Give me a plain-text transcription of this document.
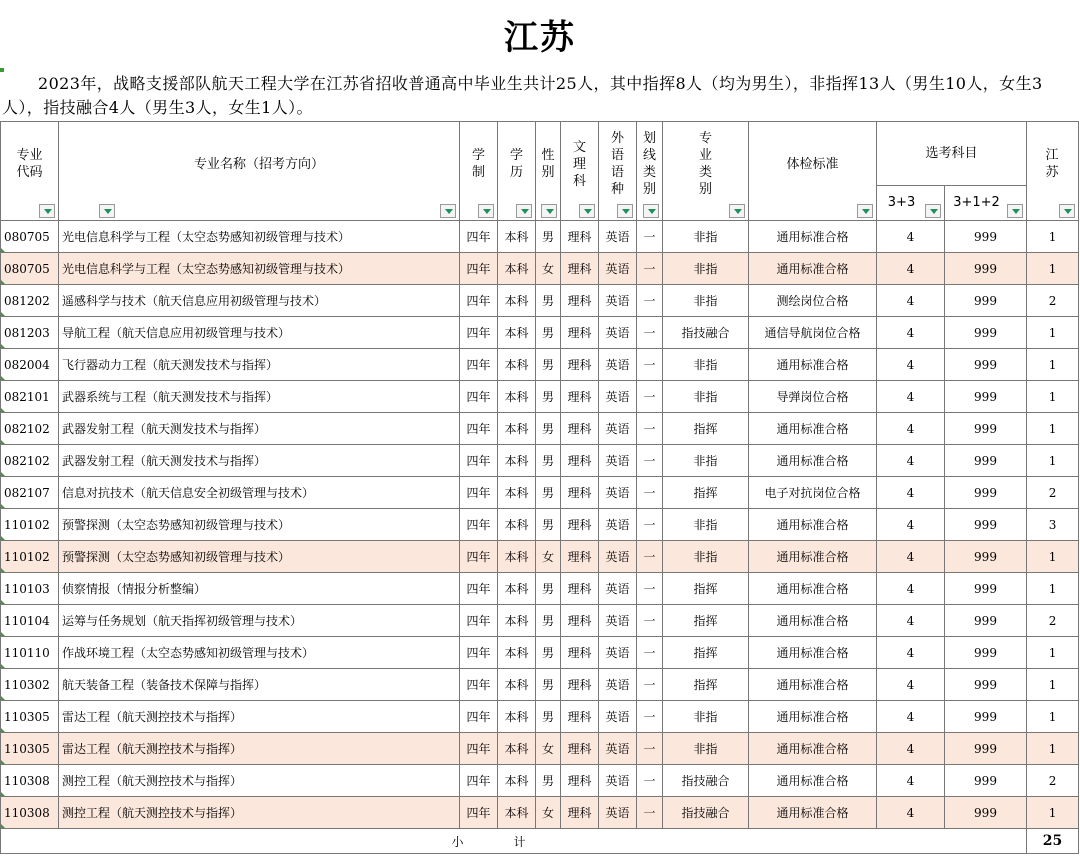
江苏
2023年，战略支援部队航天工程大学在江苏省招收普通高中毕业生共计25人，其中指挥8人（均为男生），非指挥13人（男生10人，女生3人），指技融合4人（男生3人，女生1人）。
专业代码	专业名称（招考方向）	学制	学历	性别	文理科	外语语种	划线类别	专业类别	体检标准	选考科目		江苏

										3+3	3+1+2	

080705	光电信息科学与工程（太空态势感知初级管理与技术）	四年	本科	男	理科	英语	一	非指	通用标准合格	4	999	1
080705	光电信息科学与工程（太空态势感知初级管理与技术）	四年	本科	女	理科	英语	一	非指	通用标准合格	4	999	1
081202	遥感科学与技术（航天信息应用初级管理与技术）	四年	本科	男	理科	英语	一	非指	测绘岗位合格	4	999	2
081203	导航工程（航天信息应用初级管理与技术）	四年	本科	男	理科	英语	一	指技融合	通信导航岗位合格	4	999	1
082004	飞行器动力工程（航天测发技术与指挥）	四年	本科	男	理科	英语	一	非指	通用标准合格	4	999	1
082101	武器系统与工程（航天测发技术与指挥）	四年	本科	男	理科	英语	一	非指	导弹岗位合格	4	999	1
082102	武器发射工程（航天测发技术与指挥）	四年	本科	男	理科	英语	一	指挥	通用标准合格	4	999	1
082102	武器发射工程（航天测发技术与指挥）	四年	本科	男	理科	英语	一	非指	通用标准合格	4	999	1
082107	信息对抗技术（航天信息安全初级管理与技术）	四年	本科	男	理科	英语	一	指挥	电子对抗岗位合格	4	999	2
110102	预警探测（太空态势感知初级管理与技术）	四年	本科	男	理科	英语	一	非指	通用标准合格	4	999	3
110102	预警探测（太空态势感知初级管理与技术）	四年	本科	女	理科	英语	一	非指	通用标准合格	4	999	1
110103	侦察情报（情报分析整编）	四年	本科	男	理科	英语	一	指挥	通用标准合格	4	999	1
110104	运筹与任务规划（航天指挥初级管理与技术）	四年	本科	男	理科	英语	一	指挥	通用标准合格	4	999	2
110110	作战环境工程（太空态势感知初级管理与技术）	四年	本科	男	理科	英语	一	指挥	通用标准合格	4	999	1
110302	航天装备工程（装备技术保障与指挥）	四年	本科	男	理科	英语	一	指挥	通用标准合格	4	999	1
110305	雷达工程（航天测控技术与指挥）	四年	本科	男	理科	英语	一	非指	通用标准合格	4	999	1
110305	雷达工程（航天测控技术与指挥）	四年	本科	女	理科	英语	一	非指	通用标准合格	4	999	1
110308	测控工程（航天测控技术与指挥）	四年	本科	男	理科	英语	一	指技融合	通用标准合格	4	999	2
110308	测控工程（航天测控技术与指挥）	四年	本科	女	理科	英语	一	指技融合	通用标准合格	4	999	1
小计												25
